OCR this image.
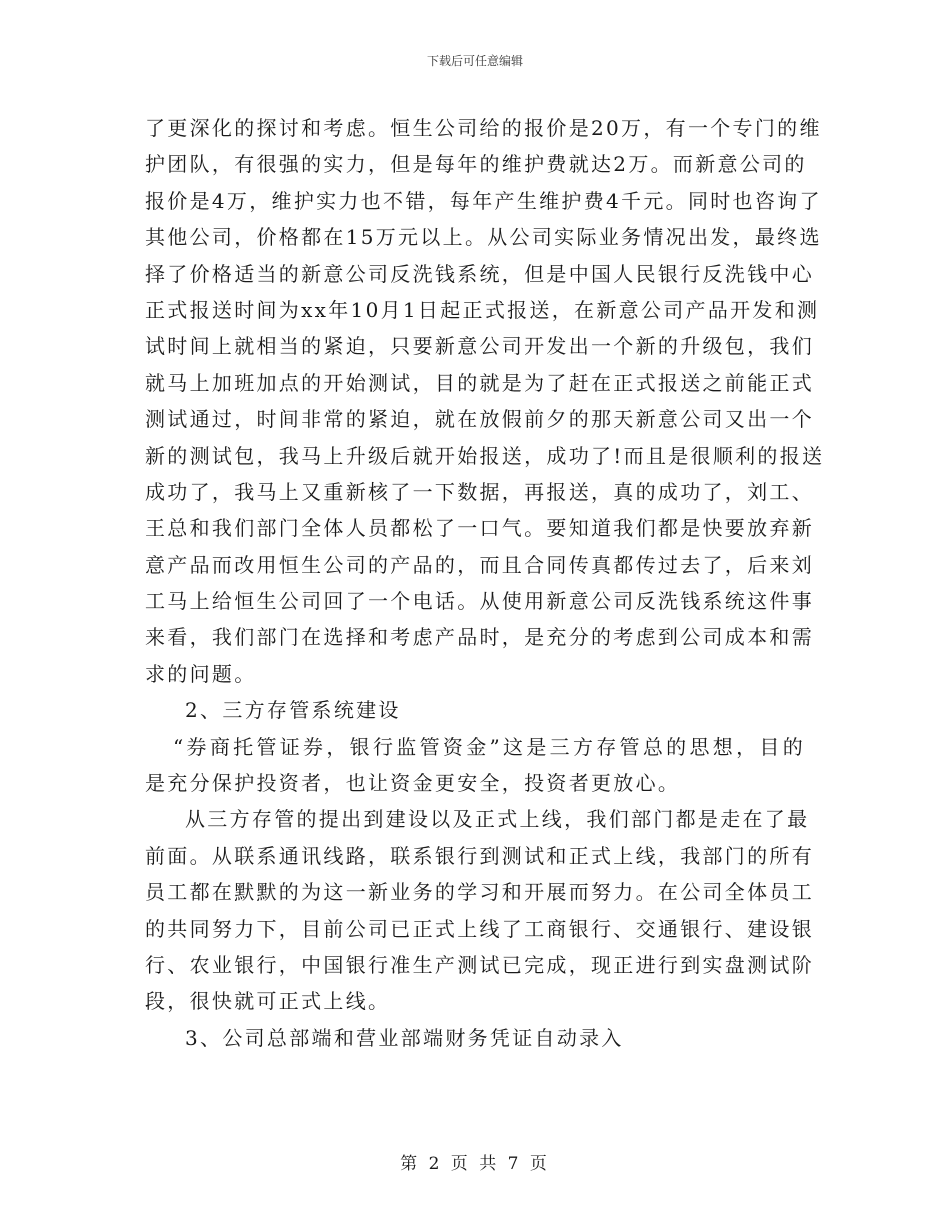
下载后可任意编辑
了更深化的探讨和考虑。恒生公司给的报价是20万，有一个专门的维
护团队，有很强的实力，但是每年的维护费就达2万。而新意公司的
报价是4万，维护实力也不错，每年产生维护费4千元。同时也咨询了
其他公司，价格都在15万元以上。从公司实际业务情况出发，最终选
择了价格适当的新意公司反洗钱系统，但是中国人民银行反洗钱中心
正式报送时间为xx年10月1日起正式报送，在新意公司产品开发和测
试时间上就相当的紧迫，只要新意公司开发出一个新的升级包，我们
就马上加班加点的开始测试，目的就是为了赶在正式报送之前能正式
测试通过，时间非常的紧迫，就在放假前夕的那天新意公司又出一个
新的测试包，我马上升级后就开始报送，成功了!而且是很顺利的报送
成功了，我马上又重新核了一下数据，再报送，真的成功了，刘工、
王总和我们部门全体人员都松了一口气。要知道我们都是快要放弃新
意产品而改用恒生公司的产品的，而且合同传真都传过去了，后来刘
工马上给恒生公司回了一个电话。从使用新意公司反洗钱系统这件事
来看，我们部门在选择和考虑产品时，是充分的考虑到公司成本和需
求的问题。
2、三方存管系统建设
“券商托管证券，银行监管资金”这是三方存管总的思想，目的
是充分保护投资者，也让资金更安全，投资者更放心。
从三方存管的提出到建设以及正式上线，我们部门都是走在了最
前面。从联系通讯线路，联系银行到测试和正式上线，我部门的所有
员工都在默默的为这一新业务的学习和开展而努力。在公司全体员工
的共同努力下，目前公司已正式上线了工商银行、交通银行、建设银
行、农业银行，中国银行准生产测试已完成，现正进行到实盘测试阶
段，很快就可正式上线。
3、公司总部端和营业部端财务凭证自动录入
第 2 页 共 7 页
